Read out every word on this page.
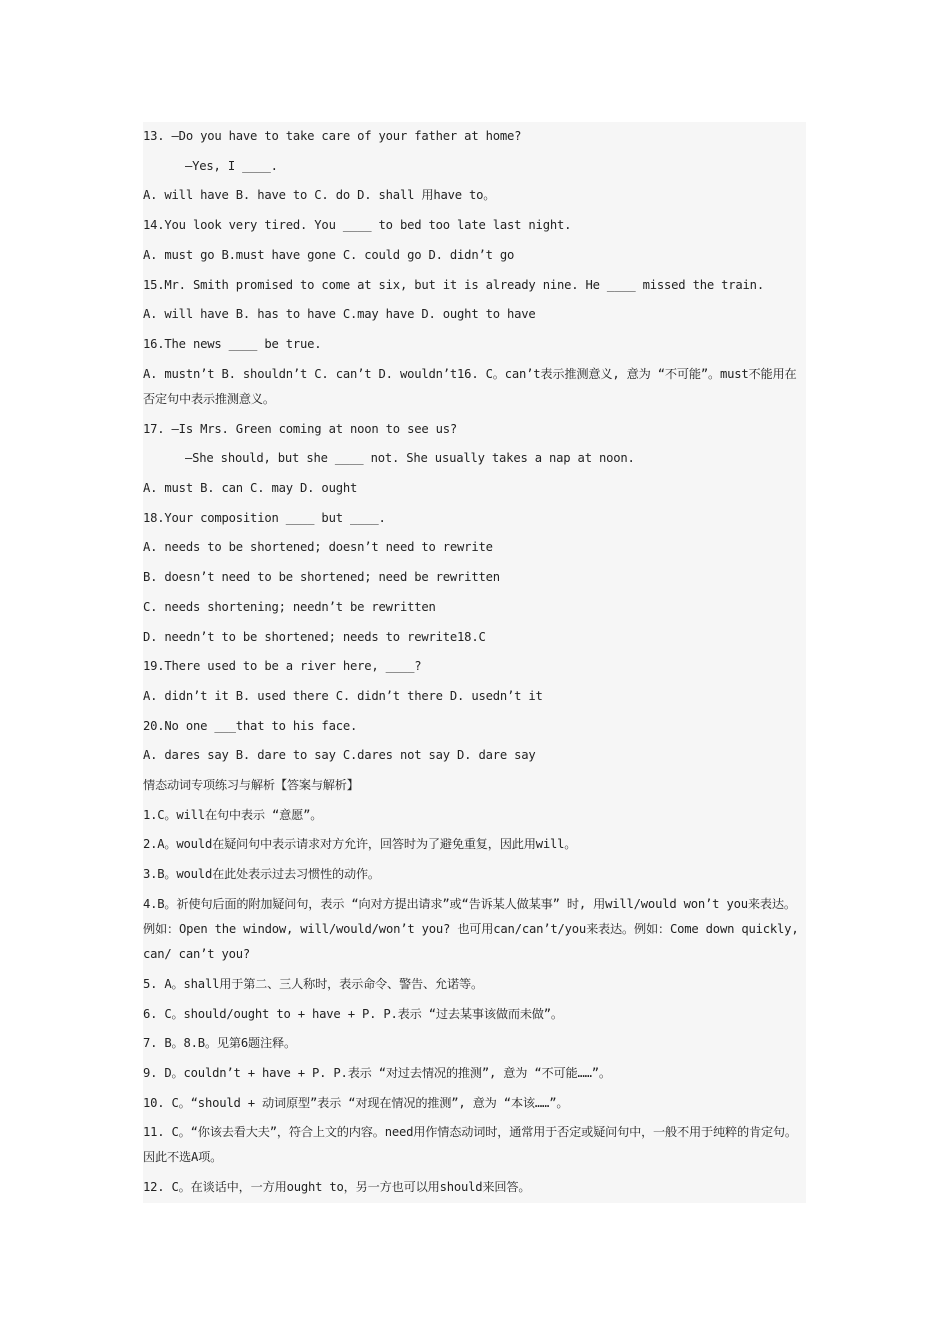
13. —Do you have to take care of your father at home?
—Yes, I ____.
A. will have B. have to C. do D. shall 用have to。
14.You look very tired. You ____ to bed too late last night.
A. must go B.must have gone C. could go D. didn’t go
15.Mr. Smith promised to come at six, but it is already nine. He ____ missed the train.
A. will have B. has to have C.may have D. ought to have
16.The news ____ be true.
A. mustn’t B. shouldn’t C. can’t D. wouldn’t16. C。can’t表示推测意义, 意为 “不可能”。must不能用在否定句中表示推测意义。
17. —Is Mrs. Green coming at noon to see us?
—She should, but she ____ not. She usually takes a nap at noon.
A. must B. can C. may D. ought
18.Your composition ____ but ____.
A. needs to be shortened; doesn’t need to rewrite
B. doesn’t need to be shortened; need be rewritten
C. needs shortening; needn’t be rewritten
D. needn’t to be shortened; needs to rewrite18.C
19.There used to be a river here, ____?
A. didn’t it B. used there C. didn’t there D. usedn’t it
20.No one ___that to his face.
A. dares say B. dare to say C.dares not say D. dare say
情态动词专项练习与解析【答案与解析】
1.C。will在句中表示 “意愿”。
2.A。would在疑问句中表示请求对方允许，回答时为了避免重复，因此用will。
3.B。would在此处表示过去习惯性的动作。
4.B。祈使句后面的附加疑问句，表示 “向对方提出请求”或“告诉某人做某事” 时, 用will/would won’t you来表达。例如：Open the window, will/would/won’t you? 也可用can/can’t/you来表达。例如：Come down quickly, can/ can’t you?
5. A。shall用于第二、三人称时，表示命令、警告、允诺等。
6. C。should/ought to + have + P. P.表示 “过去某事该做而未做”。
7. B。8.B。见第6题注释。
9. D。couldn’t + have + P. P.表示 “对过去情况的推测”, 意为 “不可能……”。
10. C。“should + 动词原型”表示 “对现在情况的推测”, 意为 “本该……”。
11. C。“你该去看大夫”，符合上文的内容。need用作情态动词时，通常用于否定或疑问句中，一般不用于纯粹的肯定句。因此不选A项。
12. C。在谈话中，一方用ought to，另一方也可以用should来回答。
